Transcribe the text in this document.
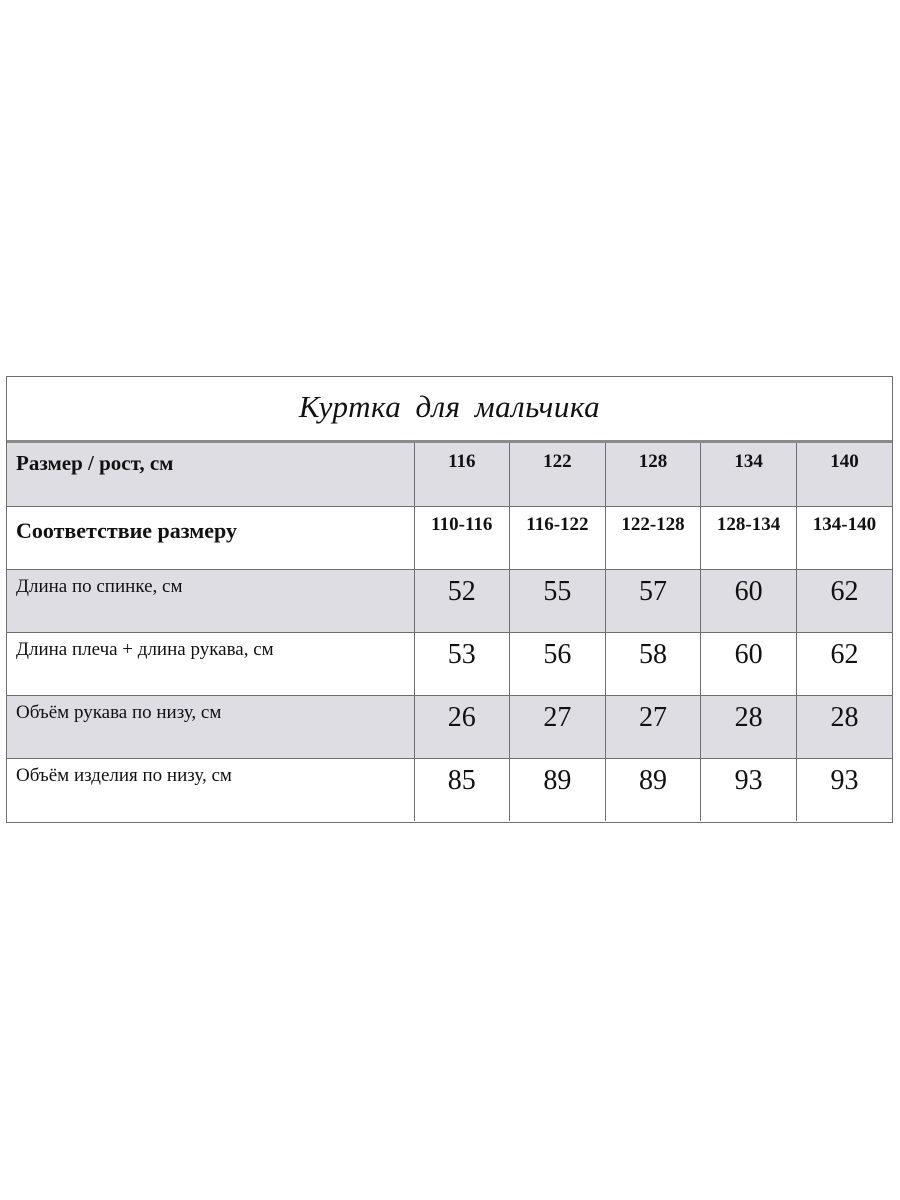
Куртка для мальчика
Размер / рост, см	116	122	128	134	140

Соответствие размеру	110-116	116-122	122-128	128-134	134-140

Длина по спинке, см	52	55	57	60	62

Длина плеча + длина рукава, см	53	56	58	60	62

Объём рукава по низу, см	26	27	27	28	28

Объём изделия по низу, см	85	89	89	93	93
